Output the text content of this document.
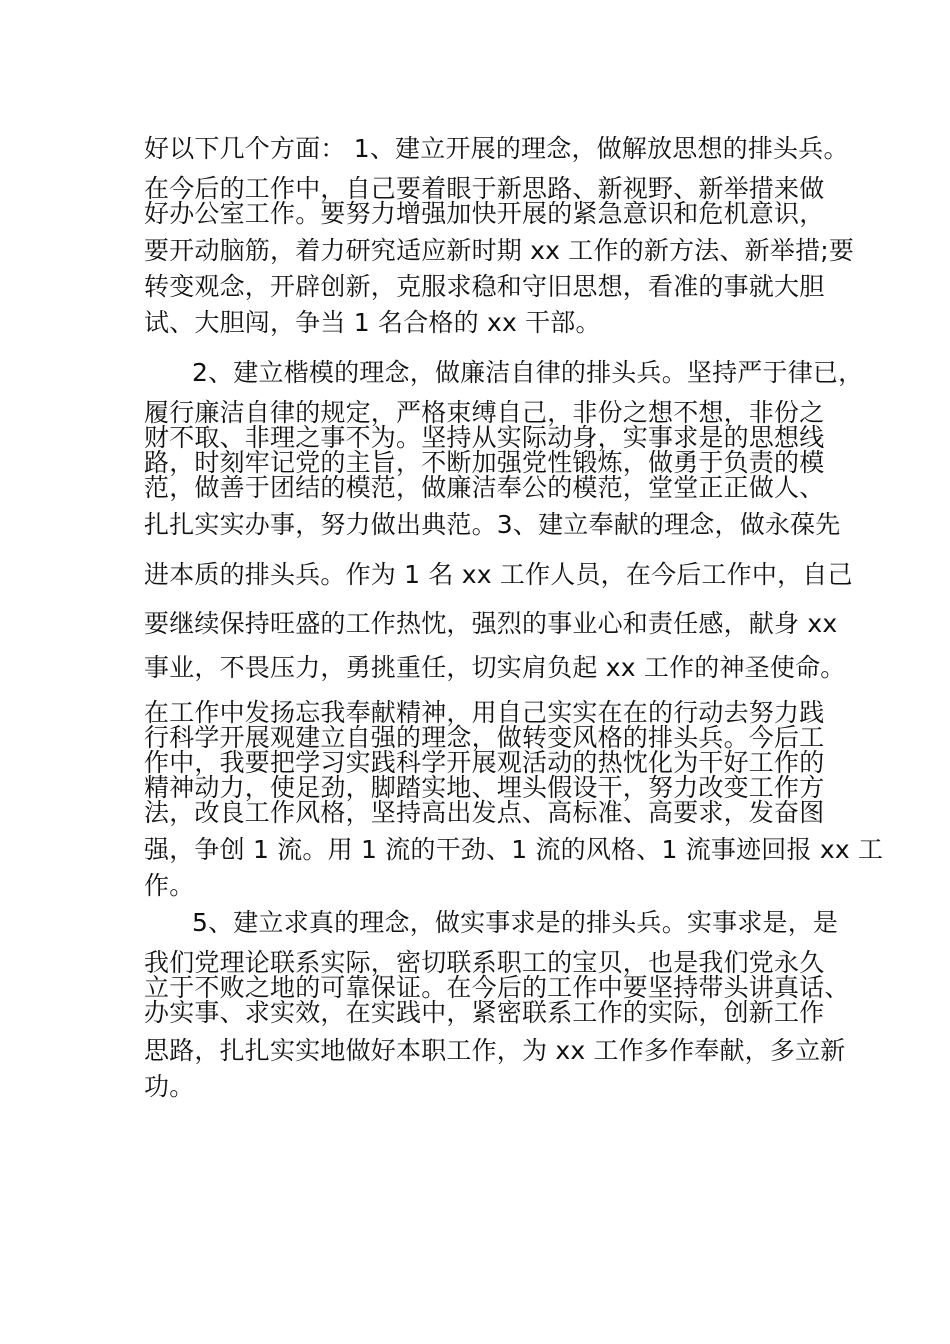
好以下几个方面： 1、建立开展的理念，做解放思想的排头兵。
在今后的工作中，自己要着眼于新思路、新视野、新举措来做
好办公室工作。要努力增强加快开展的紧急意识和危机意识，
要开动脑筋，着力研究适应新时期 xx 工作的新方法、新举措;要
转变观念，开辟创新，克服求稳和守旧思想，看准的事就大胆
试、大胆闯，争当 1 名合格的 xx 干部。
2、建立楷模的理念，做廉洁自律的排头兵。坚持严于律已，
履行廉洁自律的规定，严格束缚自己，非份之想不想，非份之
财不取、非理之事不为。坚持从实际动身，实事求是的思想线
路，时刻牢记党的主旨，不断加强党性锻炼，做勇于负责的模
范，做善于团结的模范，做廉洁奉公的模范，堂堂正正做人、
扎扎实实办事，努力做出典范。3、建立奉献的理念，做永葆先
进本质的排头兵。作为 1 名 xx 工作人员，在今后工作中，自己
要继续保持旺盛的工作热忱，强烈的事业心和责任感，献身 xx
事业，不畏压力，勇挑重任，切实肩负起 xx 工作的神圣使命。
在工作中发扬忘我奉献精神，用自己实实在在的行动去努力践
行科学开展观建立自强的理念，做转变风格的排头兵。今后工
作中，我要把学习实践科学开展观活动的热忱化为干好工作的
精神动力，使足劲，脚踏实地、埋头假设干，努力改变工作方
法，改良工作风格，坚持高出发点、高标准、高要求，发奋图
强，争创 1 流。用 1 流的干劲、1 流的风格、1 流事迹回报 xx 工
作。
5、建立求真的理念，做实事求是的排头兵。实事求是，是
我们党理论联系实际，密切联系职工的宝贝，也是我们党永久
立于不败之地的可靠保证。在今后的工作中要坚持带头讲真话、
办实事、求实效，在实践中，紧密联系工作的实际，创新工作
思路，扎扎实实地做好本职工作，为 xx 工作多作奉献，多立新
功。
